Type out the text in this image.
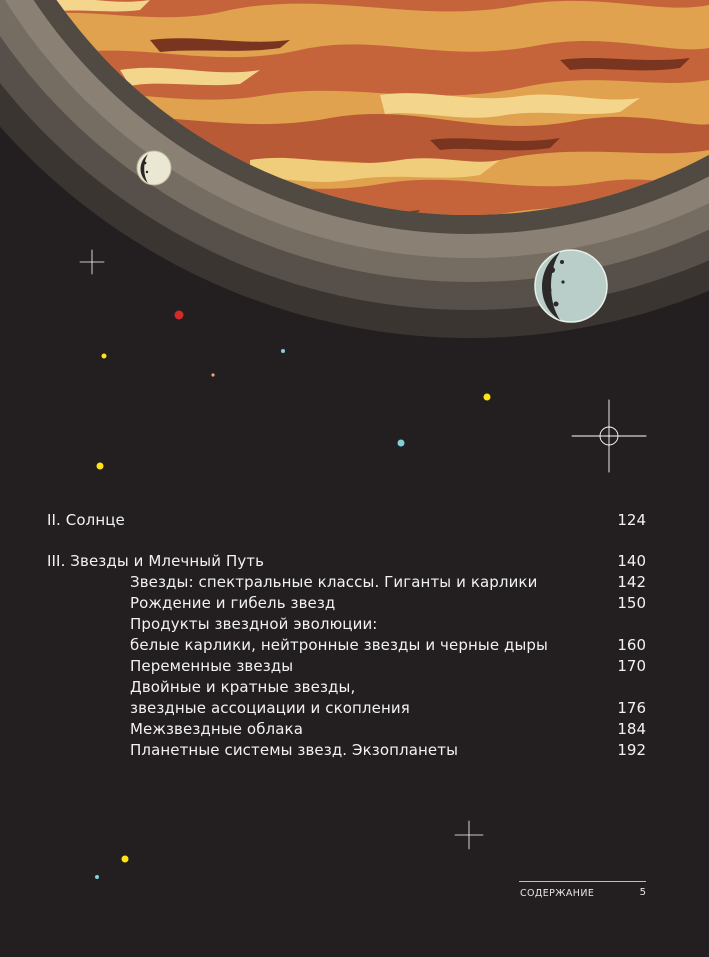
II. Солнце	124
III. Звезды и Млечный Путь	140
Звезды: спектральные классы. Гиганты и карлики	142
Рождение и гибель звезд	150
Продукты звездной эволюции:
белые карлики, нейтронные звезды и черные дыры	160
Переменные звезды	170
Двойные и кратные звезды,
звездные ассоциации и скопления	176
Межзвездные облака	184
Планетные системы звезд. Экзопланеты	192
СОДЕРЖАНИЕ	5
